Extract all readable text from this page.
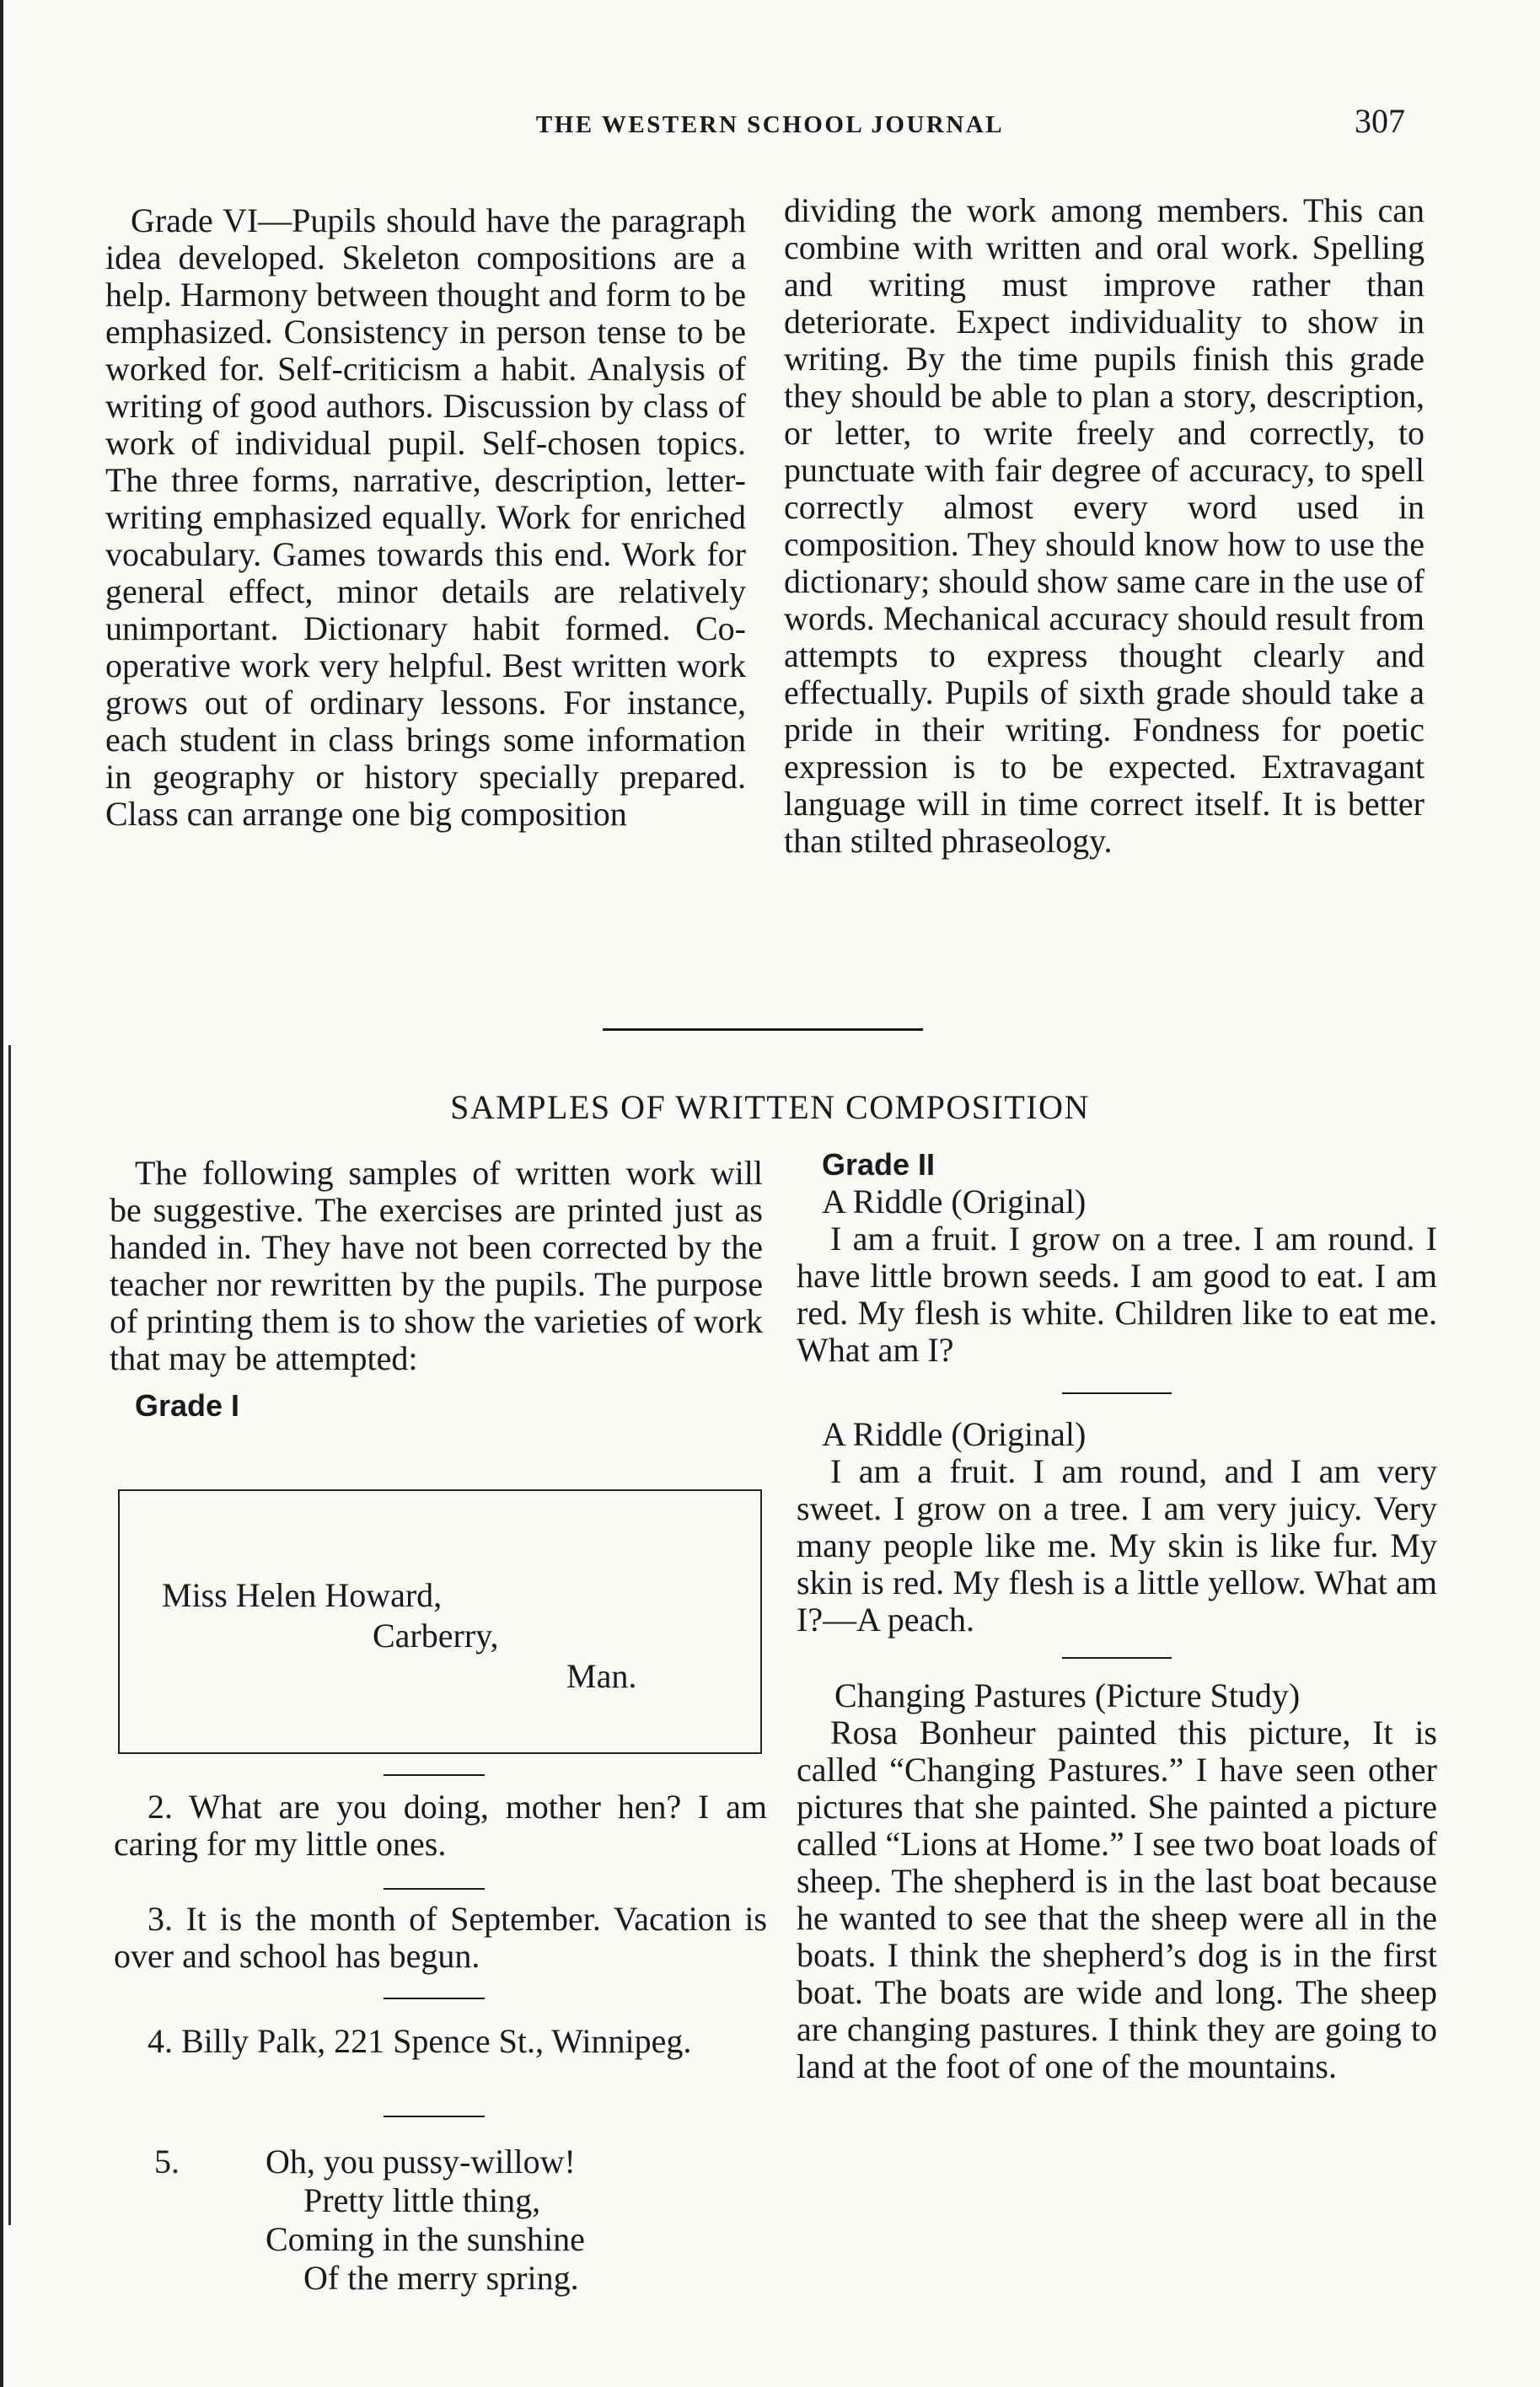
THE WESTERN SCHOOL JOURNAL	307

Grade VI—Pupils should have the paragraph idea developed. Skeleton compositions are a help. Harmony between thought and form to be emphasized. Consistency in person tense to be worked for. Self-criticism a habit. Analysis of writing of good authors. Discussion by class of work of individual pupil. Self-chosen topics. The three forms, narrative, description, letter-writing emphasized equally. Work for enriched vocabulary. Games towards this end. Work for general effect, minor details are relatively unimportant. Dictionary habit formed. Co-operative work very helpful. Best written work grows out of ordinary lessons. For instance, each student in class brings some information in geography or history specially prepared. Class can arrange one big composition

dividing the work among members. This can combine with written and oral work. Spelling and writing must improve rather than deteriorate. Expect individuality to show in writing. By the time pupils finish this grade they should be able to plan a story, description, or letter, to write freely and correctly, to punctuate with fair degree of accuracy, to spell correctly almost every word used in composition. They should know how to use the dictionary; should show same care in the use of words. Mechanical accuracy should result from attempts to express thought clearly and effectually. Pupils of sixth grade should take a pride in their writing. Fondness for poetic expression is to be expected. Extravagant language will in time correct itself. It is better than stilted phraseology.

SAMPLES OF WRITTEN COMPOSITION

The following samples of written work will be suggestive. The exercises are printed just as handed in. They have not been corrected by the teacher nor rewritten by the pupils. The purpose of printing them is to show the varieties of work that may be attempted:

Grade I

Miss Helen Howard,
Carberry,
Man.

2. What are you doing, mother hen? I am caring for my little ones.

3. It is the month of September. Vacation is over and school has begun.

4. Billy Palk, 221 Spence St., Winnipeg.

5.	Oh, you pussy-willow!
Pretty little thing,
Coming in the sunshine
Of the merry spring.

Grade II

A Riddle (Original)

I am a fruit. I grow on a tree. I am round. I have little brown seeds. I am good to eat. I am red. My flesh is white. Children like to eat me. What am I?

A Riddle (Original)

I am a fruit. I am round, and I am very sweet. I grow on a tree. I am very juicy. Very many people like me. My skin is like fur. My skin is red. My flesh is a little yellow. What am I?—A peach.

Changing Pastures (Picture Study)

Rosa Bonheur painted this picture, It is called “Changing Pastures.” I have seen other pictures that she painted. She painted a picture called “Lions at Home.” I see two boat loads of sheep. The shepherd is in the last boat because he wanted to see that the sheep were all in the boats. I think the shepherd’s dog is in the first boat. The boats are wide and long. The sheep are changing pastures. I think they are going to land at the foot of one of the mountains.
